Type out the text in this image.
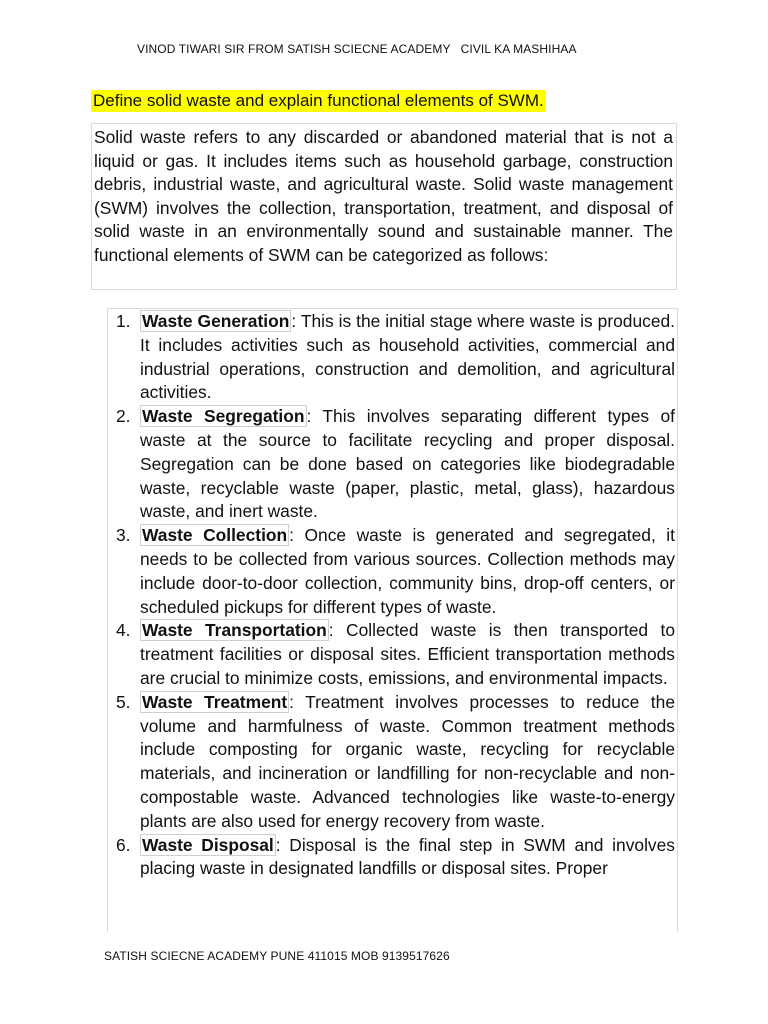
VINOD TIWARI SIR FROM SATISH SCIECNE ACADEMY   CIVIL KA MASHIHAA
Define solid waste and explain functional elements of SWM.
Solid waste refers to any discarded or abandoned material that is not a liquid or gas. It includes items such as household garbage, construction debris, industrial waste, and agricultural waste. Solid waste management (SWM) involves the collection, transportation, treatment, and disposal of solid waste in an environmentally sound and sustainable manner. The functional elements of SWM can be categorized as follows:
1. Waste Generation : This is the initial stage where waste is produced. It includes activities such as household activities, commercial and industrial operations, construction and demolition, and agricultural activities.
2. Waste Segregation : This involves separating different types of waste at the source to facilitate recycling and proper disposal. Segregation can be done based on categories like biodegradable waste, recyclable waste (paper, plastic, metal, glass), hazardous waste, and inert waste.
3. Waste Collection : Once waste is generated and segregated, it needs to be collected from various sources. Collection methods may include door-to-door collection, community bins, drop-off centers, or scheduled pickups for different types of waste.
4. Waste Transportation : Collected waste is then transported to treatment facilities or disposal sites. Efficient transportation methods are crucial to minimize costs, emissions, and environmental impacts.
5. Waste Treatment : Treatment involves processes to reduce the volume and harmfulness of waste. Common treatment methods include composting for organic waste, recycling for recyclable materials, and incineration or landfilling for non-recyclable and non-compostable waste. Advanced technologies like waste-to-energy plants are also used for energy recovery from waste.
6. Waste Disposal : Disposal is the final step in SWM and involves placing waste in designated landfills or disposal sites. Proper
SATISH SCIECNE ACADEMY PUNE 411015 MOB 9139517626
